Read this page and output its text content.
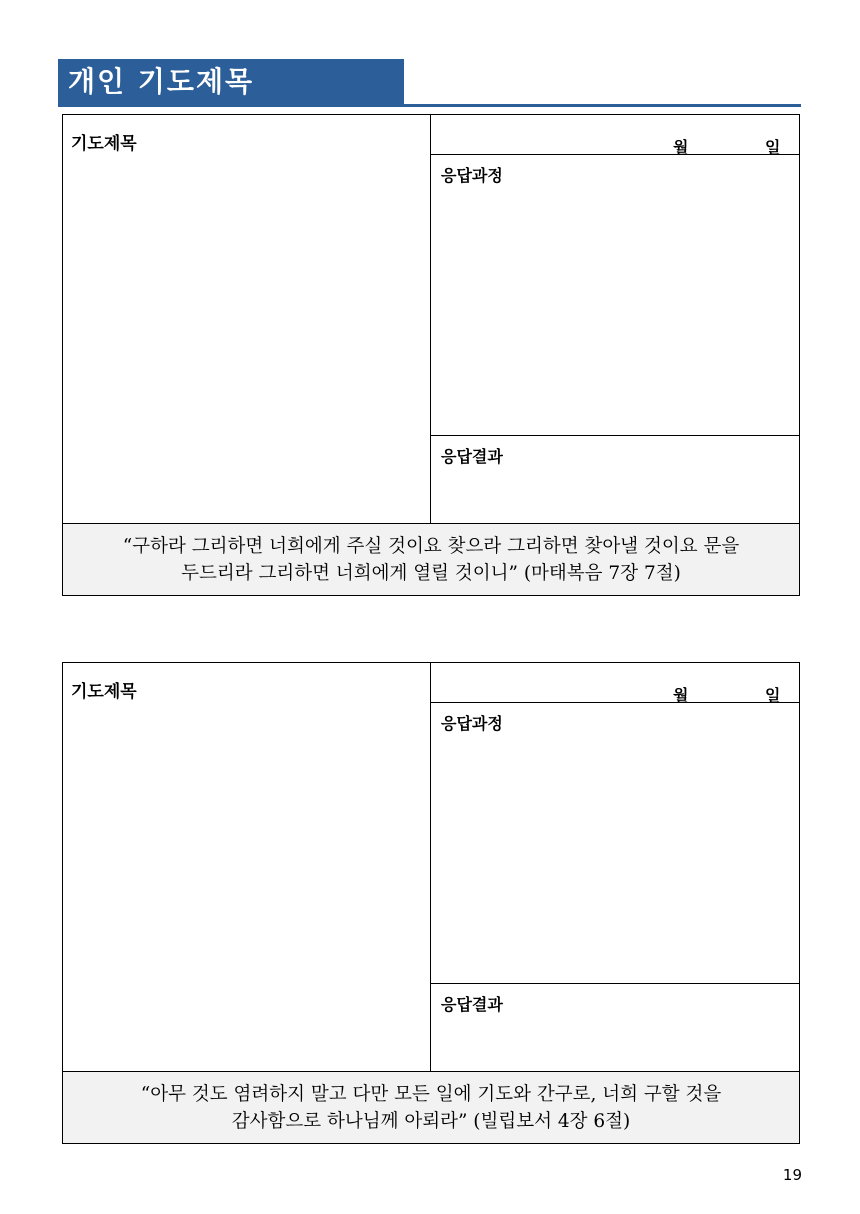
개인 기도제목
기도제목	월	일
응답과정
응답결과
“구하라 그리하면 너희에게 주실 것이요 찾으라 그리하면 찾아낼 것이요 문을
두드리라 그리하면 너희에게 열릴 것이니” (마태복음 7장 7절)
기도제목	월	일
응답과정
응답결과
“아무 것도 염려하지 말고 다만 모든 일에 기도와 간구로, 너희 구할 것을
감사함으로 하나님께 아뢰라” (빌립보서 4장 6절)
19
